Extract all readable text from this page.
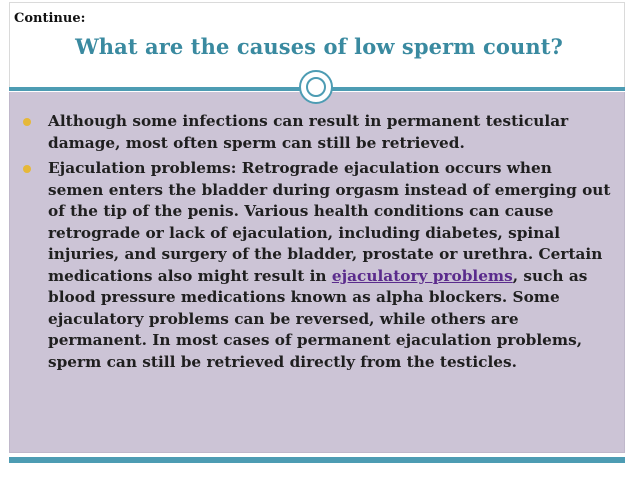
Continue:
What are the causes of low sperm count?
Although some infections can result in permanent testicular damage, most often sperm can still be retrieved.
Ejaculation problems: Retrograde ejaculation occurs when semen enters the bladder during orgasm instead of emerging out of the tip of the penis. Various health conditions can cause retrograde or lack of ejaculation, including diabetes, spinal injuries, and surgery of the bladder, prostate or urethra. Certain medications also might result in ejaculatory problems, such as blood pressure medications known as alpha blockers. Some ejaculatory problems can be reversed, while others are permanent. In most cases of permanent ejaculation problems, sperm can still be retrieved directly from the testicles.
